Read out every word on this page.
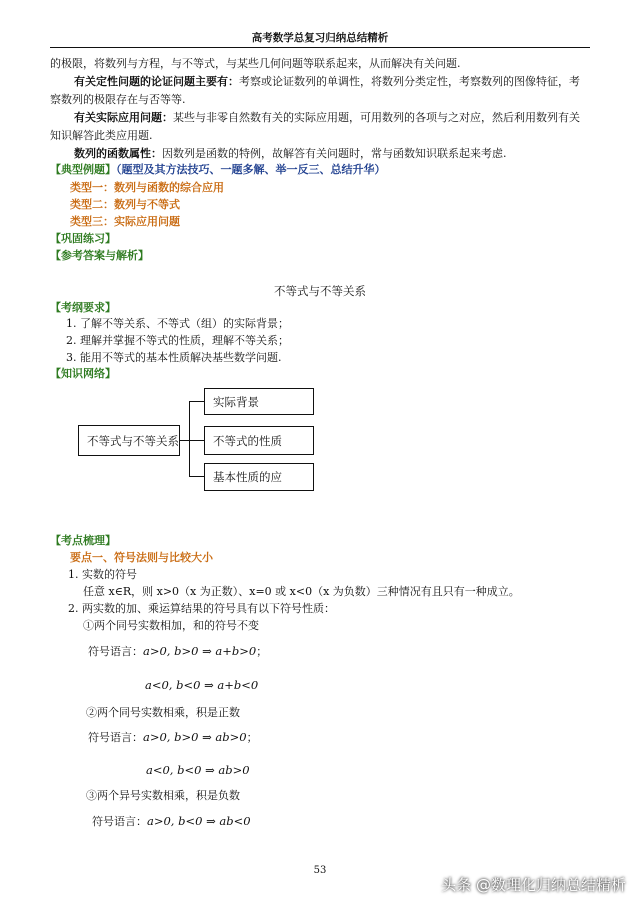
高考数学总复习归纳总结精析
的极限，将数列与方程，与不等式，与某些几何问题等联系起来，从而解决有关问题.
有关定性问题的论证问题主要有：考察或论证数列的单调性，将数列分类定性，考察数列的图像特征，考
察数列的极限存在与否等等.
有关实际应用问题：某些与非零自然数有关的实际应用题，可用数列的各项与之对应，然后利用数列有关
知识解答此类应用题.
数列的函数属性：因数列是函数的特例，故解答有关问题时，常与函数知识联系起来考虑.
【典型例题】（题型及其方法技巧、一题多解、举一反三、总结升华）
类型一：数列与函数的综合应用
类型二：数列与不等式
类型三：实际应用问题
【巩固练习】
【参考答案与解析】
不等式与不等关系
【考纲要求】
1. 了解不等关系、不等式（组）的实际背景；
2. 理解并掌握不等式的性质，理解不等关系；
3. 能用不等式的基本性质解决基些数学问题.
【知识网络】
不等式与不等关系
实际背景
不等式的性质
基本性质的应
【考点梳理】
要点一、符号法则与比较大小
1. 实数的符号
任意 x∈R，则 x>0（x 为正数）、x=0 或 x<0（x 为负数）三种情况有且只有一种成立。
2. 两实数的加、乘运算结果的符号具有以下符号性质：
①两个同号实数相加，和的符号不变
符号语言：a>0, b>0 ⇒ a+b>0；
a<0, b<0 ⇒ a+b<0
②两个同号实数相乘，积是正数
符号语言：a>0, b>0 ⇒ ab>0；
a<0, b<0 ⇒ ab>0
③两个异号实数相乘，积是负数
符号语言：a>0, b<0 ⇒ ab<0
53
头条 @数理化归纳总结精析
